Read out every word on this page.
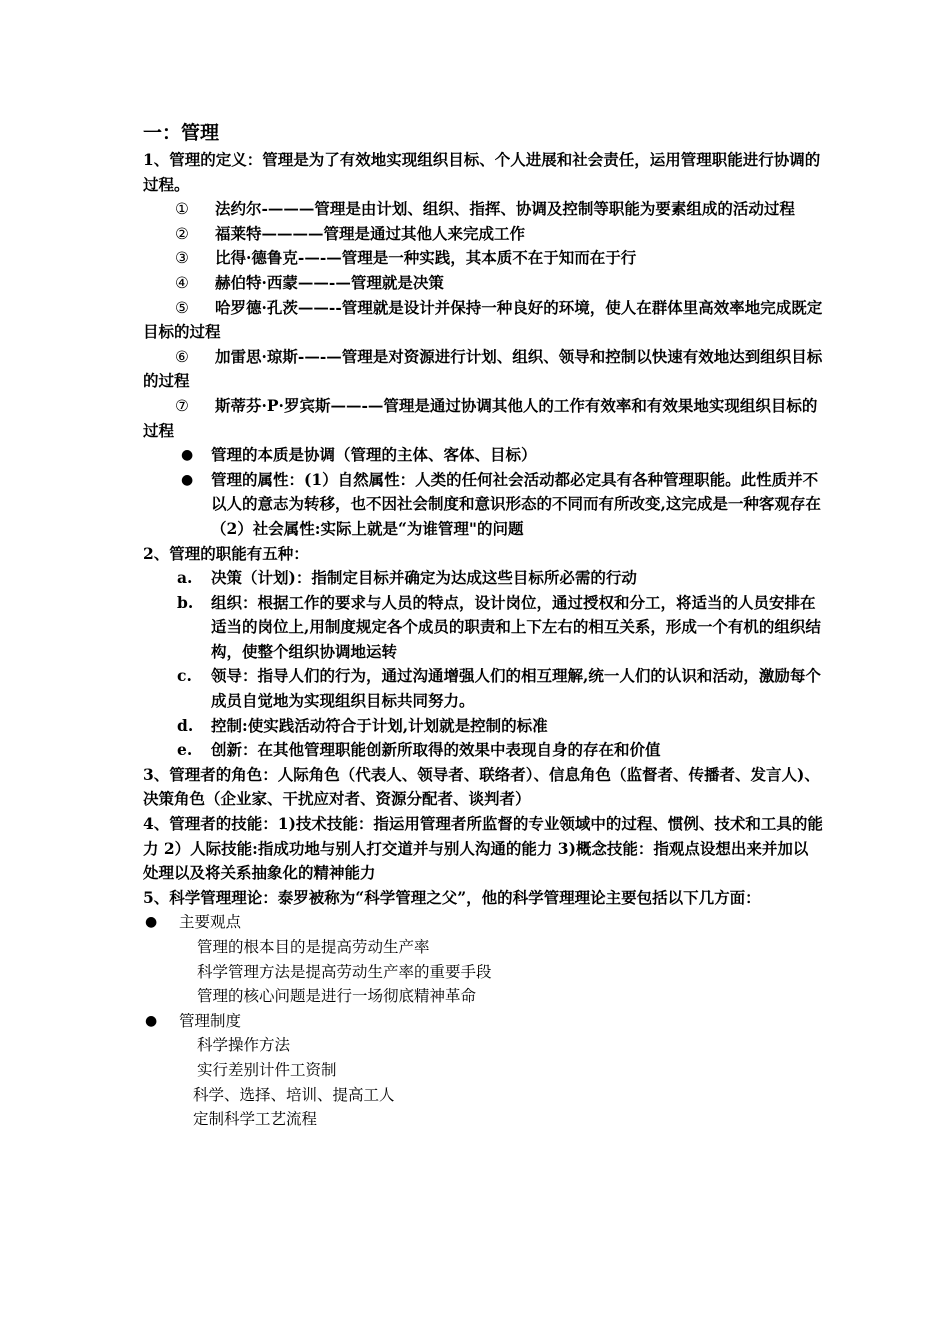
一：管理

1、管理的定义：管理是为了有效地实现组织目标、个人进展和社会责任，运用管理职能进行协调的过程。

① 法约尔-———管理是由计划、组织、指挥、协调及控制等职能为要素组成的活动过程
② 福莱特————管理是通过其他人来完成工作
③ 比得·德鲁克-—-—管理是一种实践，其本质不在于知而在于行
④ 赫伯特·西蒙——-—管理就是决策
⑤ 哈罗德·孔茨——--管理就是设计并保持一种良好的环境，使人在群体里高效率地完成既定目标的过程
⑥ 加雷思·琼斯-—-—管理是对资源进行计划、组织、领导和控制以快速有效地达到组织目标的过程
⑦ 斯蒂芬·P·罗宾斯——-—管理是通过协调其他人的工作有效率和有效果地实现组织目标的过程
● 管理的本质是协调（管理的主体、客体、目标）
● 管理的属性：(1）自然属性：人类的任何社会活动都必定具有各种管理职能。此性质并不以人的意志为转移，也不因社会制度和意识形态的不同而有所改变,这完成是一种客观存在（2）社会属性:实际上就是“为谁管理"的问题

2、管理的职能有五种：

a. 决策（计划)：指制定目标并确定为达成这些目标所必需的行动
b. 组织：根据工作的要求与人员的特点，设计岗位，通过授权和分工，将适当的人员安排在适当的岗位上,用制度规定各个成员的职责和上下左右的相互关系，形成一个有机的组织结构，使整个组织协调地运转
c. 领导：指导人们的行为，通过沟通增强人们的相互理解,统一人们的认识和活动，激励每个成员自觉地为实现组织目标共同努力。
d. 控制:使实践活动符合于计划,计划就是控制的标准
e. 创新：在其他管理职能创新所取得的效果中表现自身的存在和价值

3、管理者的角色：人际角色（代表人、领导者、联络者）、信息角色（监督者、传播者、发言人)、决策角色（企业家、干扰应对者、资源分配者、谈判者）

4、管理者的技能：1)技术技能：指运用管理者所监督的专业领域中的过程、惯例、技术和工具的能力 2）人际技能:指成功地与别人打交道并与别人沟通的能力 3)概念技能：指观点设想出来并加以处理以及将关系抽象化的精神能力

5、科学管理理论：泰罗被称为“科学管理之父”，他的科学管理理论主要包括以下几方面：

● 主要观点
管理的根本目的是提高劳动生产率
科学管理方法是提高劳动生产率的重要手段
管理的核心问题是进行一场彻底精神革命
● 管理制度
科学操作方法
实行差别计件工资制
科学、选择、培训、提高工人
定制科学工艺流程
